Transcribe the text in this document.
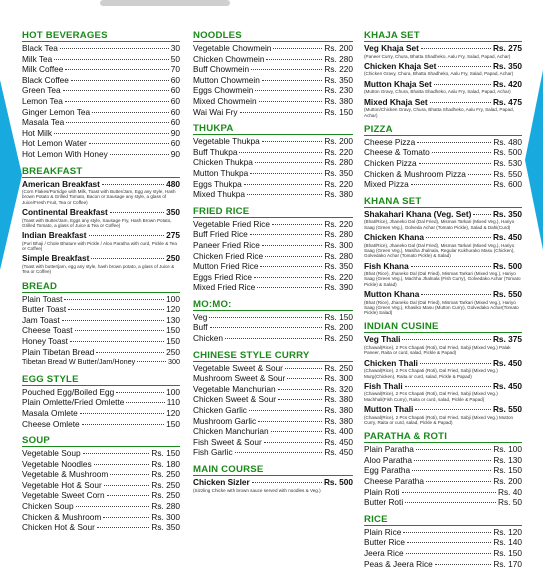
HOT BEVERAGES
Black Tea	30
Milk Tea	50
Milk Coffee	70
Black Coffee	60
Green Tea	60
Lemon Tea	60
Ginger Lemon Tea	60
Masala Tea	60
Hot Milk	90
Hot Lemon Water	60
Hot Lemon With Honey	90
BREAKFAST
American Breakfast	480
(Corn Flakes/Porridge with Milk, Toast with Butter/Jam, Egg any style, Hash brown Potato & Grilled Tomato, Bacon or Sausage any style, a glass of Juice/Fresh Fruit, Tea or Coffee)
Continental Breakfast	350
(Toast with Butter/Jam, Eggs any style, Sausage Fry, Hash Brown Potato, Grilled Tomato, a glass of Juice & Tea or Coffee)
Indian Breakfast	275
(Puri Bhaji / Chole Bhature with Pickle / Aloo Paratha with curd, Pickle & Tea or Coffee)
Simple Breakfast	250
(Toast with butter/jam, egg any style, hash brown potato, a glass of Juice & Tea or Coffee)
BREAD
Plain Toast	100
Butter Toast	120
Jam Toast	130
Cheese Toast	150
Honey Toast	150
Plain Tibetan Bread	250
Tibetan Bread W Butter/Jam/Honey	300
EGG STYLE
Pouched Egg/Boiled Egg	100
Plain Omlette/Fried Omlette	110
Masala Omlete	120
Cheese Omlete	150
SOUP
Vegetable Soup	Rs. 150
Vegetable Noodles	Rs. 180
Vegetable & Mushroom	Rs. 250
Vegetable Hot & Sour	Rs. 250
Vegetable Sweet Corn	Rs. 250
Chicken Soup	Rs. 280
Chicken & Mushroom	Rs. 300
Chicken Hot & Sour	Rs. 350
NOODLES
Vegetable Chowmein	Rs. 200
Chicken Chowmein	Rs. 280
Buff Chowmein	Rs. 220
Mutton Chowmein	Rs. 350
Eggs Chowmein	Rs. 230
Mixed Chowmein	Rs. 380
Wai Wai Fry	Rs. 150
THUKPA
Vegetable Thukpa	Rs. 200
Buff Thukpa	Rs. 220
Chicken Thukpa	Rs. 280
Mutton Thukpa	Rs. 350
Eggs Thukpa	Rs. 220
Mixed Thukpa	Rs. 380
FRIED RICE
Vegetable Fried Rice	Rs. 220
Buff Fried Rice	Rs. 280
Paneer Fried Rice	Rs. 300
Chicken Fried Rice	Rs. 280
Mutton Fried Rice	Rs. 350
Eggs Fried Rice	Rs. 220
Mixed Fried Rice	Rs. 390
MO:MO:
Veg	Rs. 150
Buff	Rs. 200
Chicken	Rs. 250
CHINESE STYLE CURRY
Vegetable Sweet & Sour	Rs. 250
Mushroom Sweet & Sour	Rs. 300
Vegetable Manchurian	Rs. 320
Chicken Sweet & Sour	Rs. 380
Chicken Garlic	Rs. 380
Mushroom Garlic	Rs. 380
Chicken Manchurian	Rs. 400
Fish Sweet & Sour	Rs. 450
Fish Garlic	Rs. 450
MAIN COURSE
Chicken Sizler	Rs. 500
(Sizzling Chicke with brown sauce served with noodles & Veg.)
KHAJA SET
Veg Khaja Set	Rs. 275
(Paneer Curry, Chura, Bhatta Shadheko, Aalu Fry, Salad, Papad, Achar)
Chicken Khaja Set	Rs. 350
(Chicken Gravy, Chura, Bhatta Shadheko, Aalu Fry, Salad, Papad, Achar)
Mutton Khaja Set	Rs. 420
(Mutton Gravy, Chura, Bhatta Shadheko, Aalu Fry, Salad, Papad, Achar)
Mixed Khaja Set	Rs. 475
(Mutton/Chicken Gravy, Chura, Bhatta Shadheko, Aalu Fry, Salad, Papad, Achar)
PIZZA
Cheese Pizza	Rs. 480
Cheese & Tomato	Rs. 500
Chicken Pizza	Rs. 530
Chicken & Mushroom Pizza	Rs. 550
Mixed Pizza	Rs. 600
KHANA SET
Shakahari Khana (Veg. Set)	Rs. 350
(Bhat/Rice), Jhaneko Dal (Dal Fried), Mismas Tarkari (Mixed Veg.), Hariyo Saag (Green Veg.), Golveda Achar (Tomato Pickle), Salad & Dahi(Curd)
Chicken Khana	Rs. 450
(Bhat/Rice), Jhaneko Dal (Dal Fried), Mismas Tarkari (Mixed Veg.), Hariyo Saag (Green Veg.), Masiha Jhalnala, Regular Kukhurako Masu (Chicken), Golvedako Achar (Tomato Pickle) & Salad)
Fish Khana	Rs. 500
(Bhat (Rice), Jhaneko Dal (Dal Fried), Mismas Tarkari (Mixed Veg.), Hariyo Saag (Green Veg.), Machha Jhalnala (Fish Curry), Golvedako Achar (Tomato Pickle) & Salad)
Mutton Khana	Rs. 550
(Bhat (Rice), Jhaneko Dal (Dal Fried), Mismas Tarkari (Mixed Veg.), Hariyo Saag (Green Veg.), Khasiko Masu (Mutton Curry), Golvedako Achar(Tomato Pickle) Salad)
INDIAN CUSINE
Veg Thali	Rs. 375
(Chawal(Rice), 2 Pcs Chapati (Roti), Dal Fried, Sabji (Mixed Veg.) Palak Paneer, Raita or curd, salad, Pickle & Papad)
Chicken Thali	Rs. 450
(Chawal(Rice), 2 Pcs Chapati (Roti), Dal Fried, Sabji (Mixed Veg.) Murg(Chicken), Raita or curd, salad, Pickle & Papad)
Fish Thali	Rs. 450
(Chawal(Rice), 2 Pcs Chapati (Roti), Dal Fried, Sabji (Mixed Veg.) Machhali(Fish Curry), Raita or curd, salad, Pickle & Papad)
Mutton Thali	Rs. 550
(Chawal(Rice), 2 Pcs Chapati (Roti), Dal Fried, Sabji (Mixed Veg.) Mutton Curry, Raita or curd, salad, Pickle & Papad)
PARATHA & ROTI
Plain Paratha	Rs. 100
Aloo Paratha	Rs. 130
Egg Paratha	Rs. 150
Cheese Paratha	Rs. 200
Plain Roti	Rs. 40
Butter Roti	Rs. 50
RICE
Plain Rice	Rs. 120
Butter Rice	Rs. 140
Jeera Rice	Rs. 150
Peas & Jeera Rice	Rs. 170
